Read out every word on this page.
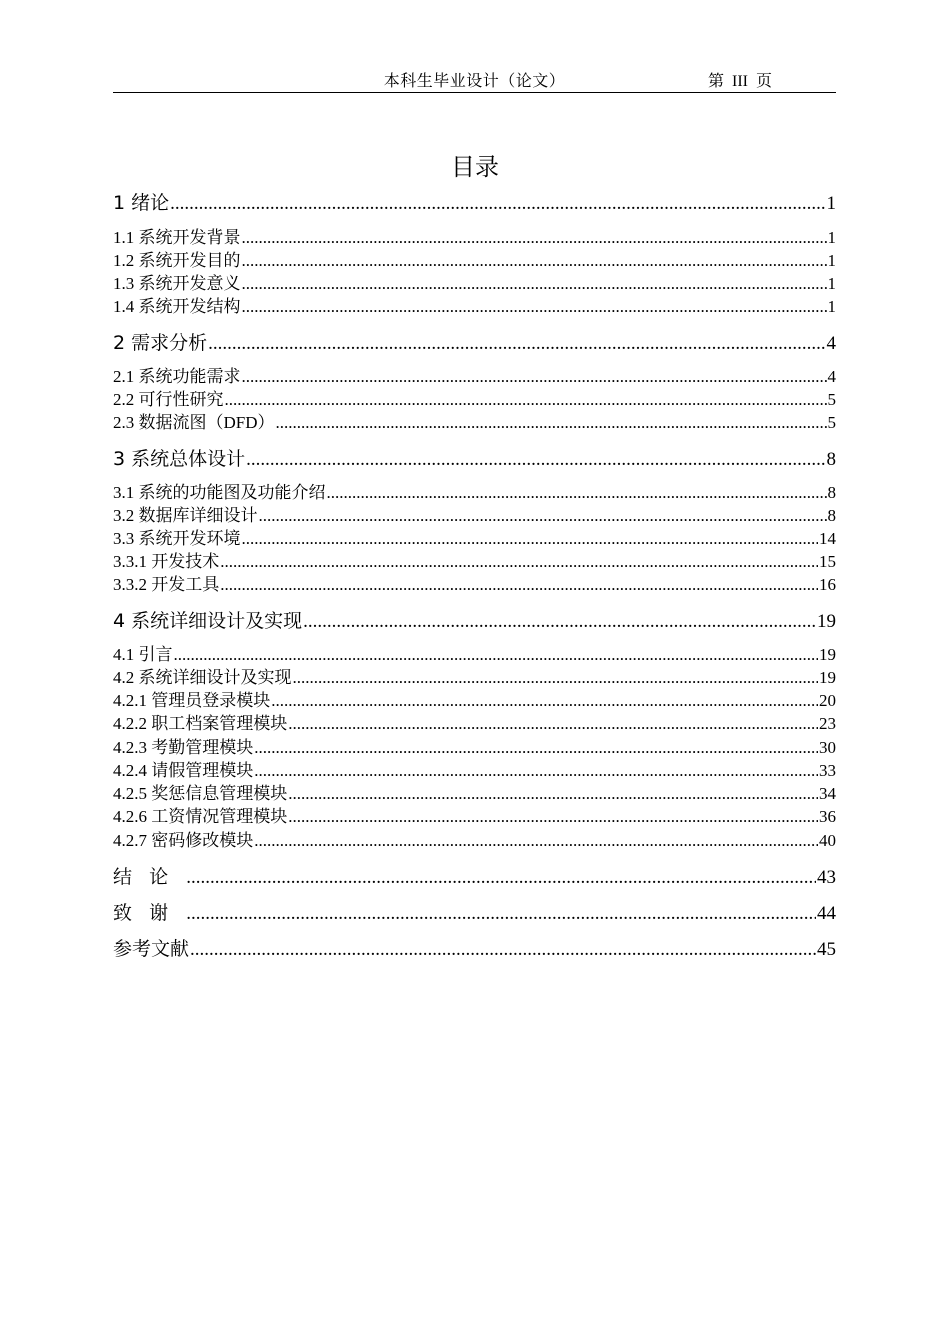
本科生毕业设计（论文）	第 III 页
目录
1 绪论 .....	1
1.1 系统开发背景 .....	1
1.2 系统开发目的 .....	1
1.3 系统开发意义 .....	1
1.4 系统开发结构 .....	1
2 需求分析 .....	4
2.1 系统功能需求 .....	4
2.2 可行性研究 .....	5
2.3 数据流图（DFD） .....	5
3 系统总体设计 .....	8
3.1 系统的功能图及功能介绍 .....	8
3.2 数据库详细设计 .....	8
3.3 系统开发环境 .....	14
3.3.1 开发技术 .....	15
3.3.2 开发工具 .....	16
4 系统详细设计及实现 .....	19
4.1 引言 .....	19
4.2 系统详细设计及实现 .....	19
4.2.1 管理员登录模块 .....	20
4.2.2 职工档案管理模块 .....	23
4.2.3 考勤管理模块 .....	30
4.2.4 请假管理模块 .....	33
4.2.5 奖惩信息管理模块 .....	34
4.2.6 工资情况管理模块 .....	36
4.2.7 密码修改模块 .....	40
结论 .....	43
致谢 .....	44
参考文献 .....	45
